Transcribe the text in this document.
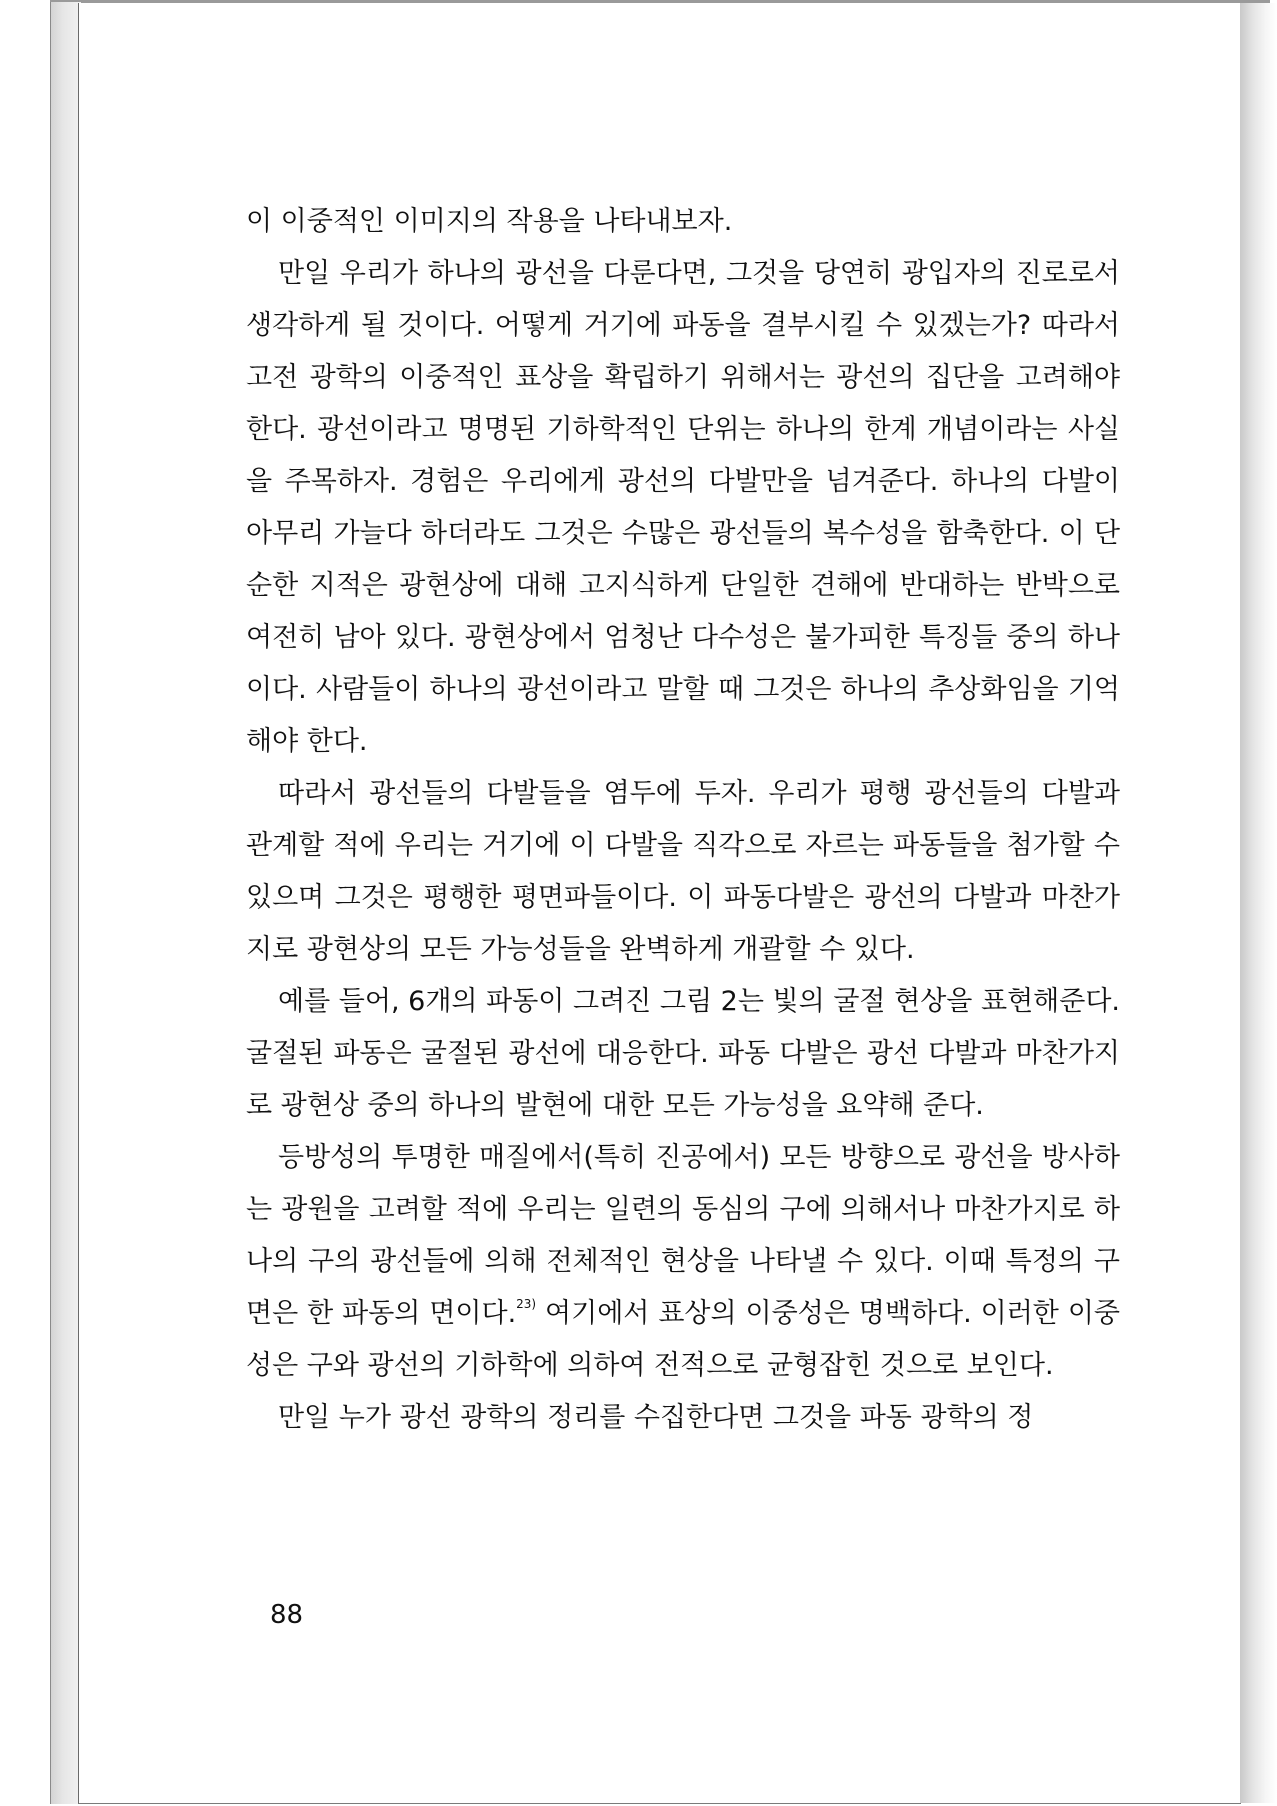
이 이중적인 이미지의 작용을 나타내보자.

만일 우리가 하나의 광선을 다룬다면, 그것을 당연히 광입자의 진로로서 생각하게 될 것이다. 어떻게 거기에 파동을 결부시킬 수 있겠는가? 따라서 고전 광학의 이중적인 표상을 확립하기 위해서는 광선의 집단을 고려해야 한다. 광선이라고 명명된 기하학적인 단위는 하나의 한계 개념이라는 사실을 주목하자. 경험은 우리에게 광선의 다발만을 넘겨준다. 하나의 다발이 아무리 가늘다 하더라도 그것은 수많은 광선들의 복수성을 함축한다. 이 단순한 지적은 광현상에 대해 고지식하게 단일한 견해에 반대하는 반박으로 여전히 남아 있다. 광현상에서 엄청난 다수성은 불가피한 특징들 중의 하나이다. 사람들이 하나의 광선이라고 말할 때 그것은 하나의 추상화임을 기억해야 한다.

따라서 광선들의 다발들을 염두에 두자. 우리가 평행 광선들의 다발과 관계할 적에 우리는 거기에 이 다발을 직각으로 자르는 파동들을 첨가할 수 있으며 그것은 평행한 평면파들이다. 이 파동다발은 광선의 다발과 마찬가지로 광현상의 모든 가능성들을 완벽하게 개괄할 수 있다.

예를 들어, 6개의 파동이 그려진 그림 2는 빛의 굴절 현상을 표현해준다. 굴절된 파동은 굴절된 광선에 대응한다. 파동 다발은 광선 다발과 마찬가지로 광현상 중의 하나의 발현에 대한 모든 가능성을 요약해 준다.

등방성의 투명한 매질에서(특히 진공에서) 모든 방향으로 광선을 방사하는 광원을 고려할 적에 우리는 일련의 동심의 구에 의해서나 마찬가지로 하나의 구의 광선들에 의해 전체적인 현상을 나타낼 수 있다. 이때 특정의 구면은 한 파동의 면이다.$^{23)}$ 여기에서 표상의 이중성은 명백하다. 이러한 이중성은 구와 광선의 기하학에 의하여 전적으로 균형잡힌 것으로 보인다.

만일 누가 광선 광학의 정리를 수집한다면 그것을 파동 광학의 정

88
